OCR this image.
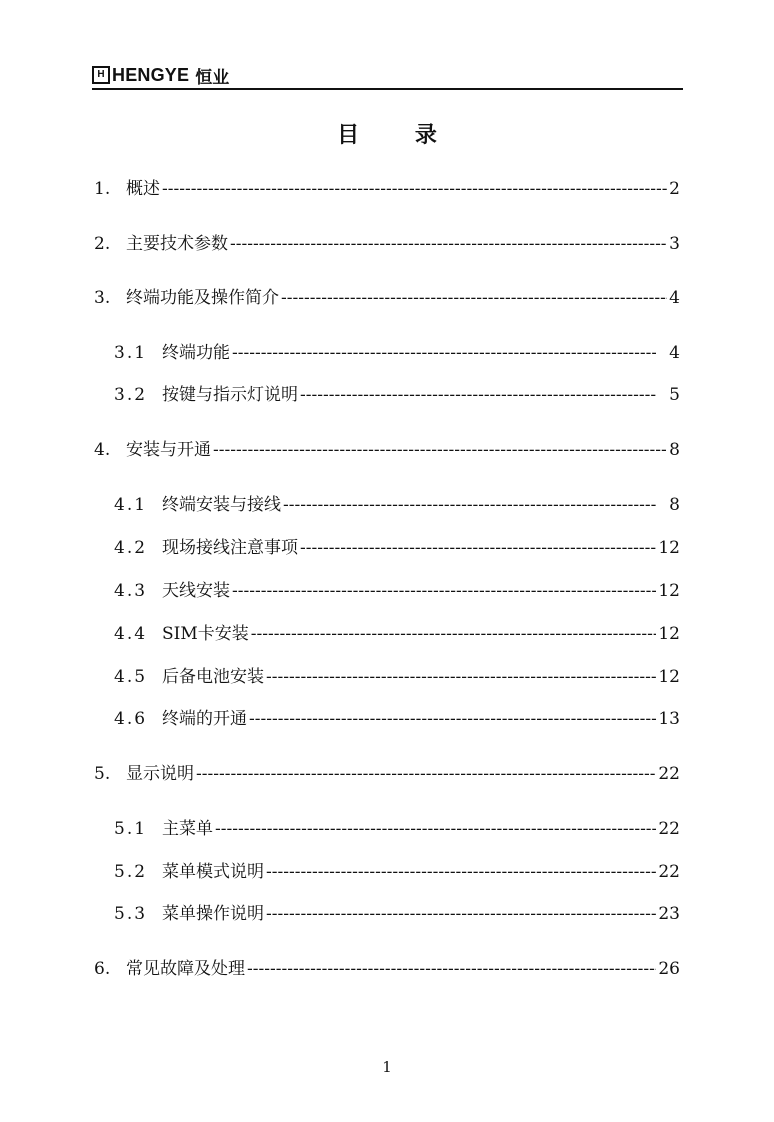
H HENGYE 恒业
目 录
1. 概述 -----	2
2. 主要技术参数 -----	3
3. 终端功能及操作简介 -----	4
3.1 终端功能 -----	4
3.2 按键与指示灯说明 -----	5
4. 安装与开通 -----	8
4.1 终端安装与接线 -----	8
4.2 现场接线注意事项 -----	12
4.3 天线安装 -----	12
4.4 SIM卡安装 -----	12
4.5 后备电池安装 -----	12
4.6 终端的开通 -----	13
5. 显示说明 -----	22
5.1 主菜单 -----	22
5.2 菜单模式说明 -----	22
5.3 菜单操作说明 -----	23
6. 常见故障及处理 -----	26
1
